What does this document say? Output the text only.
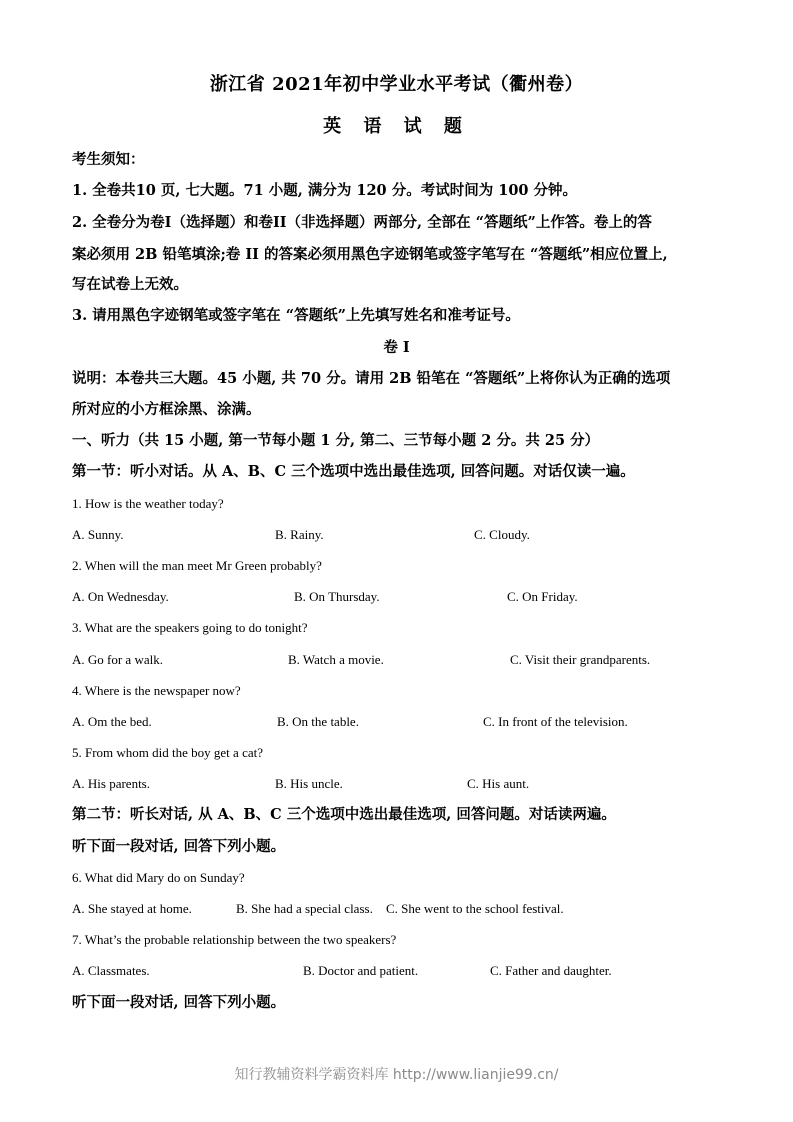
浙江省 2021年初中学业水平考试（衢州卷）
英 语 试 题
考生须知：
1. 全卷共10 页, 七大题。71 小题, 满分为 120 分。考试时间为 100 分钟。
2. 全卷分为卷I（选择题）和卷II（非选择题）两部分, 全部在 “答题纸”上作答。卷上的答
案必须用 2B 铅笔填涂;卷 II 的答案必须用黑色字迹钢笔或签字笔写在 “答题纸”相应位置上,
写在试卷上无效。
3. 请用黑色字迹钢笔或签字笔在 “答题纸”上先填写姓名和准考证号。
卷 I
说明：本卷共三大题。45 小题, 共 70 分。请用 2B 铅笔在 “答题纸”上将你认为正确的选项
所对应的小方框涂黑、涂满。
一、听力（共 15 小题, 第一节每小题 1 分, 第二、三节每小题 2 分。共 25 分）
第一节：听小对话。从 A、B、C 三个选项中选出最佳选项, 回答问题。对话仅读一遍。
1. How is the weather today?
A. Sunny.	B. Rainy.	C. Cloudy.
2. When will the man meet Mr Green probably?
A. On Wednesday.	B. On Thursday.	C. On Friday.
3. What are the speakers going to do tonight?
A. Go for a walk.	B. Watch a movie.	C. Visit their grandparents.
4. Where is the newspaper now?
A. Om the bed.	B. On the table.	C. In front of the television.
5. From whom did the boy get a cat?
A. His parents.	B. His uncle.	C. His aunt.
第二节：听长对话, 从 A、B、C 三个选项中选出最佳选项, 回答问题。对话读两遍。
听下面一段对话, 回答下列小题。
6. What did Mary do on Sunday?
A. She stayed at home.	B. She had a special class. C. She went to the school festival.
7. What’s the probable relationship between the two speakers?
A. Classmates.	B. Doctor and patient.	C. Father and daughter.
听下面一段对话, 回答下列小题。
知行教辅资料学霸资料库 http://www.lianjie99.cn/
